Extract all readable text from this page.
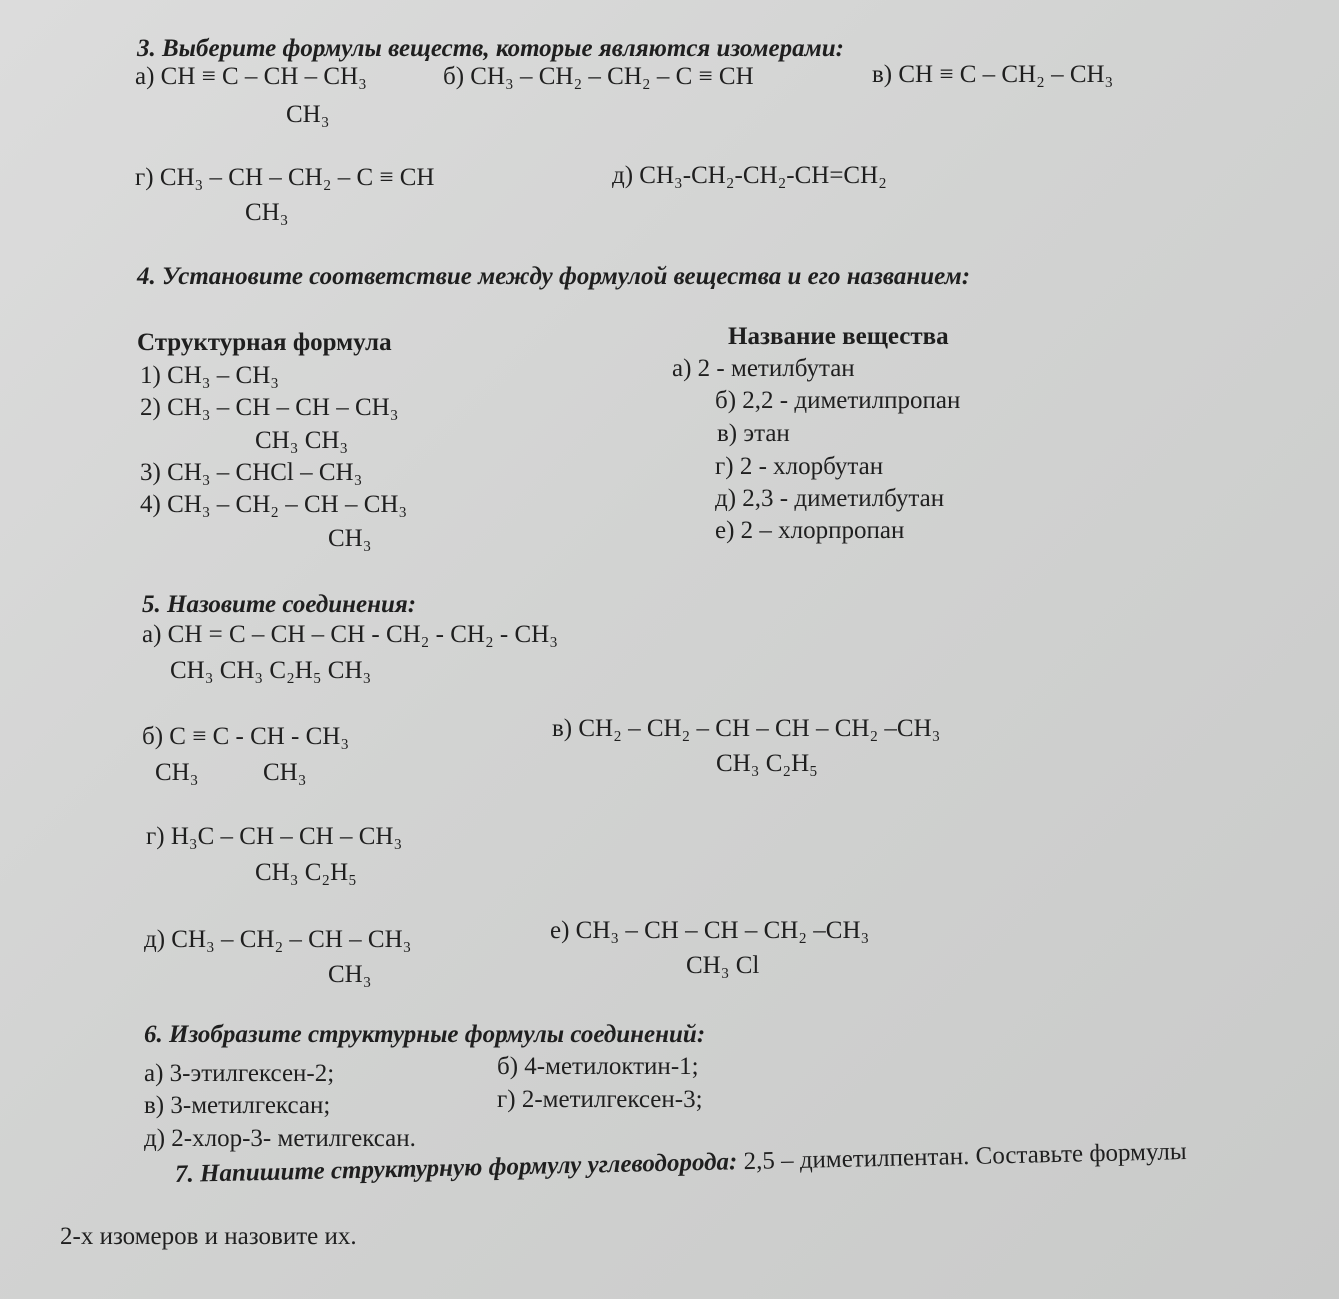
3. Выберите формулы веществ, которые являются изомерами:
а) CH ≡ C – CH – CH₃
CH₃
б) CH₃ – CH₂ – CH₂ – C ≡ CH	в) CH ≡ C – CH₂ – CH₃
г) CH₃ – CH – CH₂ – C ≡ CH
CH₃
д) CH₃-CH₂-CH₂-CH=CH₂
4. Установите соответствие между формулой вещества и его названием:
Структурная формула	Название вещества
1) CH₃ – CH₃
2) CH₃ – CH – CH – CH₃
CH₃ CH₃
3) CH₃ – CHCl – CH₃
4) CH₃ – CH₂ – CH – CH₃
CH₃
а) 2 - метилбутан
б) 2,2 - диметилпропан
в) этан
г) 2 - хлорбутан
д) 2,3 - диметилбутан
е) 2 – хлорпропан
5. Назовите соединения:
а) CH = C – CH – CH - CH₂ - CH₂ - CH₃
CH₃ CH₃ C₂H₅ CH₃
б) C ≡ C - CH - CH₃
CH₃	CH₃
в) CH₂ – CH₂ – CH – CH – CH₂ –CH₃
CH₃ C₂H₅
г) H₃C – CH – CH – CH₃
CH₃ C₂H₅
д) CH₃ – CH₂ – CH – CH₃
CH₃
е) CH₃ – CH – CH – CH₂ –CH₃
CH₃ Cl
6. Изобразите структурные формулы соединений:
а) 3-этилгексен-2;	б) 4-метилоктин-1;
в) 3-метилгексан;	г) 2-метилгексен-3;
д) 2-хлор-3- метилгексан.
7. Напишите структурную формулу углеводорода: 2,5 – диметилпентан. Составьте формулы
2-х изомеров и назовите их.
